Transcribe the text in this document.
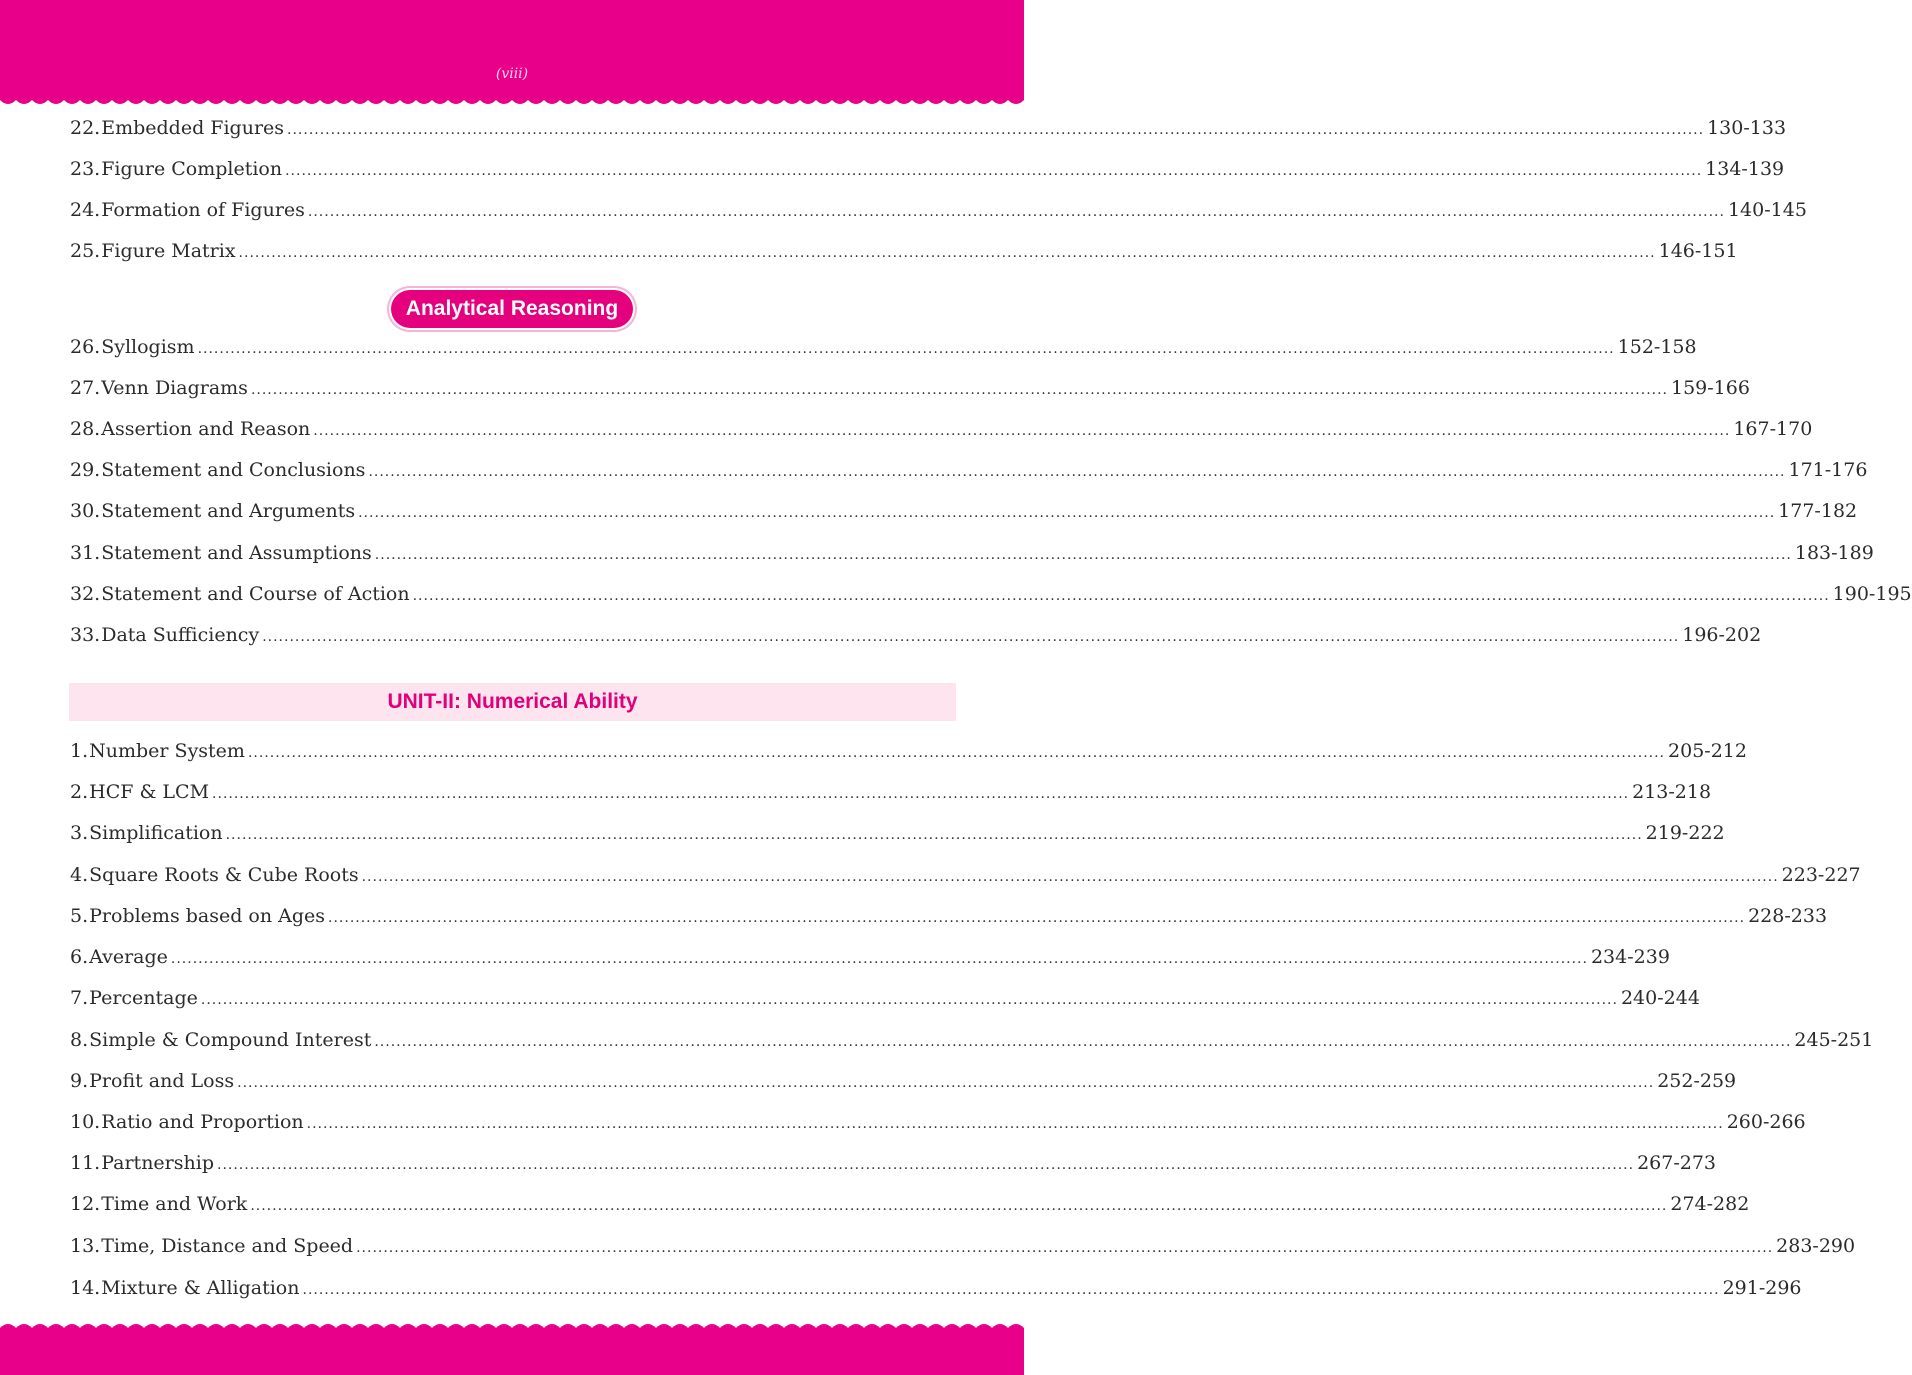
(viii)
22. Embedded Figures .................................................................................................................................................................................................................................................................... 130-133
23. Figure Completion .................................................................................................................................................................................................................................................................... 134-139
24. Formation of Figures .................................................................................................................................................................................................................................................................... 140-145
25. Figure Matrix .................................................................................................................................................................................................................................................................... 146-151
Analytical Reasoning
26. Syllogism .................................................................................................................................................................................................................................................................... 152-158
27. Venn Diagrams .................................................................................................................................................................................................................................................................... 159-166
28. Assertion and Reason .................................................................................................................................................................................................................................................................... 167-170
29. Statement and Conclusions .................................................................................................................................................................................................................................................................... 171-176
30. Statement and Arguments .................................................................................................................................................................................................................................................................... 177-182
31. Statement and Assumptions .................................................................................................................................................................................................................................................................... 183-189
32. Statement and Course of Action .................................................................................................................................................................................................................................................................... 190-195
33. Data Sufficiency .................................................................................................................................................................................................................................................................... 196-202
UNIT-II: Numerical Ability
1. Number System .................................................................................................................................................................................................................................................................... 205-212
2. HCF & LCM .................................................................................................................................................................................................................................................................... 213-218
3. Simplification .................................................................................................................................................................................................................................................................... 219-222
4. Square Roots & Cube Roots .................................................................................................................................................................................................................................................................... 223-227
5. Problems based on Ages .................................................................................................................................................................................................................................................................... 228-233
6. Average .................................................................................................................................................................................................................................................................... 234-239
7. Percentage .................................................................................................................................................................................................................................................................... 240-244
8. Simple & Compound Interest .................................................................................................................................................................................................................................................................... 245-251
9. Profit and Loss .................................................................................................................................................................................................................................................................... 252-259
10. Ratio and Proportion .................................................................................................................................................................................................................................................................... 260-266
11. Partnership .................................................................................................................................................................................................................................................................... 267-273
12. Time and Work .................................................................................................................................................................................................................................................................... 274-282
13. Time, Distance and Speed .................................................................................................................................................................................................................................................................... 283-290
14. Mixture & Alligation .................................................................................................................................................................................................................................................................... 291-296
